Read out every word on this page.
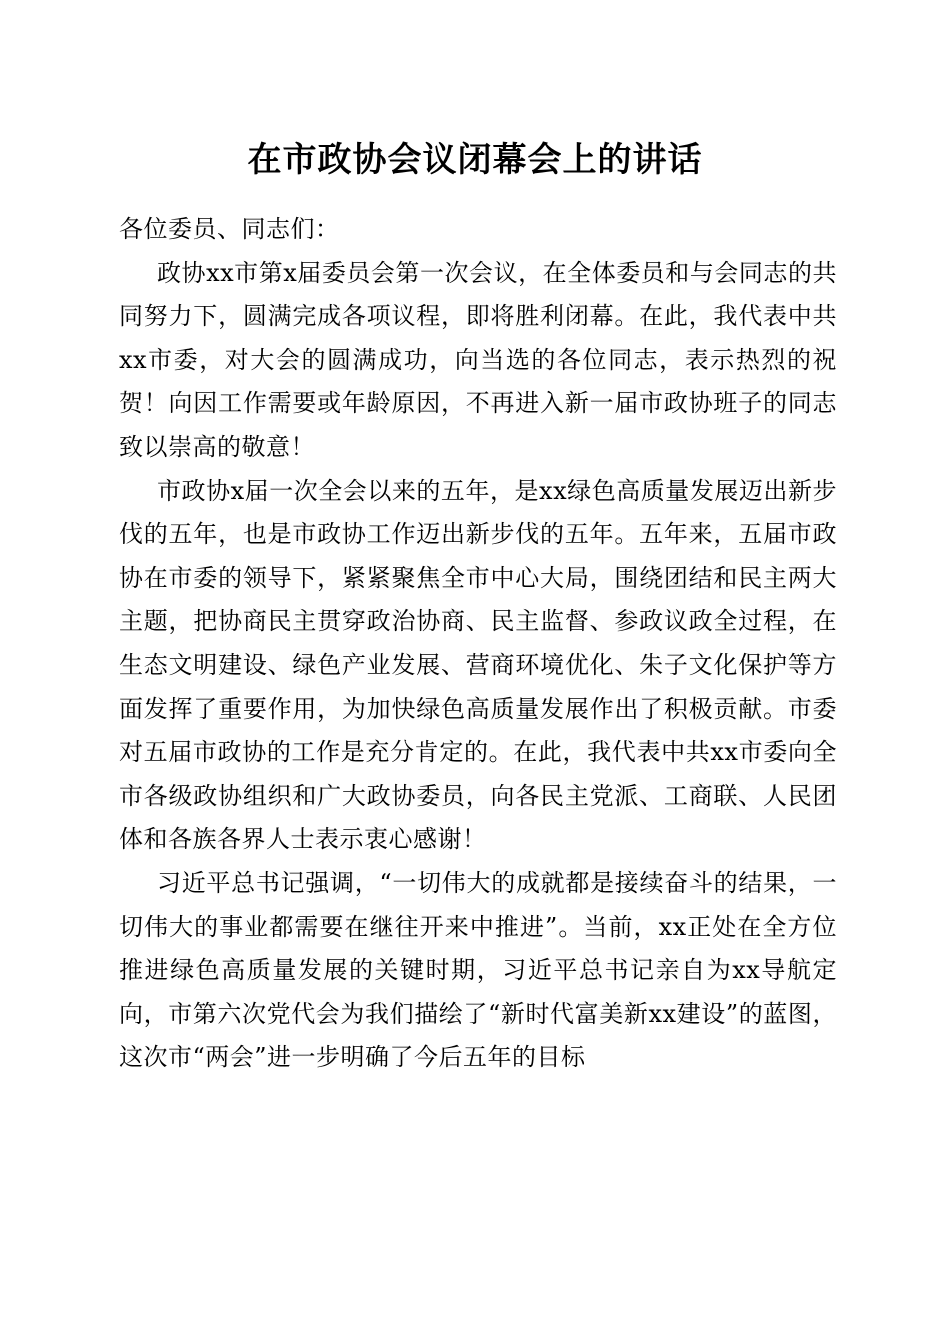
在市政协会议闭幕会上的讲话

各位委员、同志们：

政协xx市第x届委员会第一次会议，在全体委员和与会同志的共同努力下，圆满完成各项议程，即将胜利闭幕。在此，我代表中共xx市委，对大会的圆满成功，向当选的各位同志，表示热烈的祝贺！向因工作需要或年龄原因，不再进入新一届市政协班子的同志致以崇高的敬意！

市政协x届一次全会以来的五年，是xx绿色高质量发展迈出新步伐的五年，也是市政协工作迈出新步伐的五年。五年来，五届市政协在市委的领导下，紧紧聚焦全市中心大局，围绕团结和民主两大主题，把协商民主贯穿政治协商、民主监督、参政议政全过程，在生态文明建设、绿色产业发展、营商环境优化、朱子文化保护等方面发挥了重要作用，为加快绿色高质量发展作出了积极贡献。市委对五届市政协的工作是充分肯定的。在此，我代表中共xx市委向全市各级政协组织和广大政协委员，向各民主党派、工商联、人民团体和各族各界人士表示衷心感谢！

习近平总书记强调，“一切伟大的成就都是接续奋斗的结果，一切伟大的事业都需要在继往开来中推进”。当前，xx正处在全方位推进绿色高质量发展的关键时期，习近平总书记亲自为xx导航定向，市第六次党代会为我们描绘了“新时代富美新xx建设”的蓝图，这次市“两会”进一步明确了今后五年的目标
